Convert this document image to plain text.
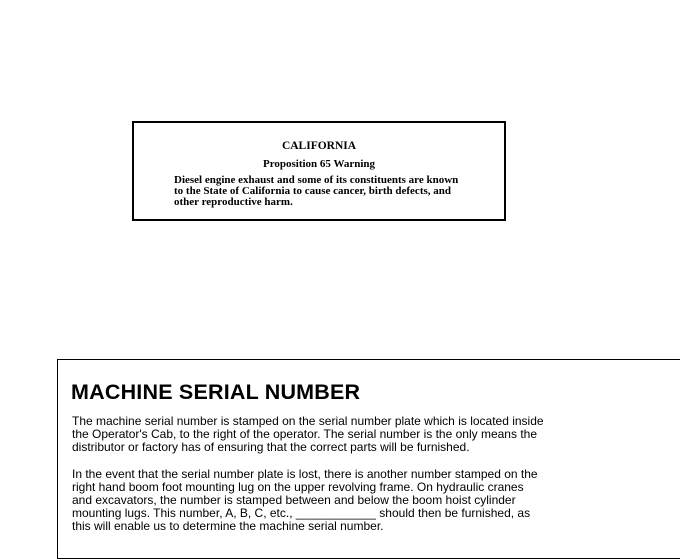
CALIFORNIA
Proposition 65 Warning
Diesel engine exhaust and some of its constituents are known
to the State of California to cause cancer, birth defects, and
other reproductive harm.
MACHINE SERIAL NUMBER
The machine serial number is stamped on the serial number plate which is located inside
the Operator's Cab, to the right of the operator. The serial number is the only means the
distributor or factory has of ensuring that the correct parts will be furnished.
In the event that the serial number plate is lost, there is another number stamped on the
right hand boom foot mounting lug on the upper revolving frame. On hydraulic cranes
and excavators, the number is stamped between and below the boom hoist cylinder
mounting lugs. This number, A, B, C, etc., ____________ should then be furnished, as
this will enable us to determine the machine serial number.
